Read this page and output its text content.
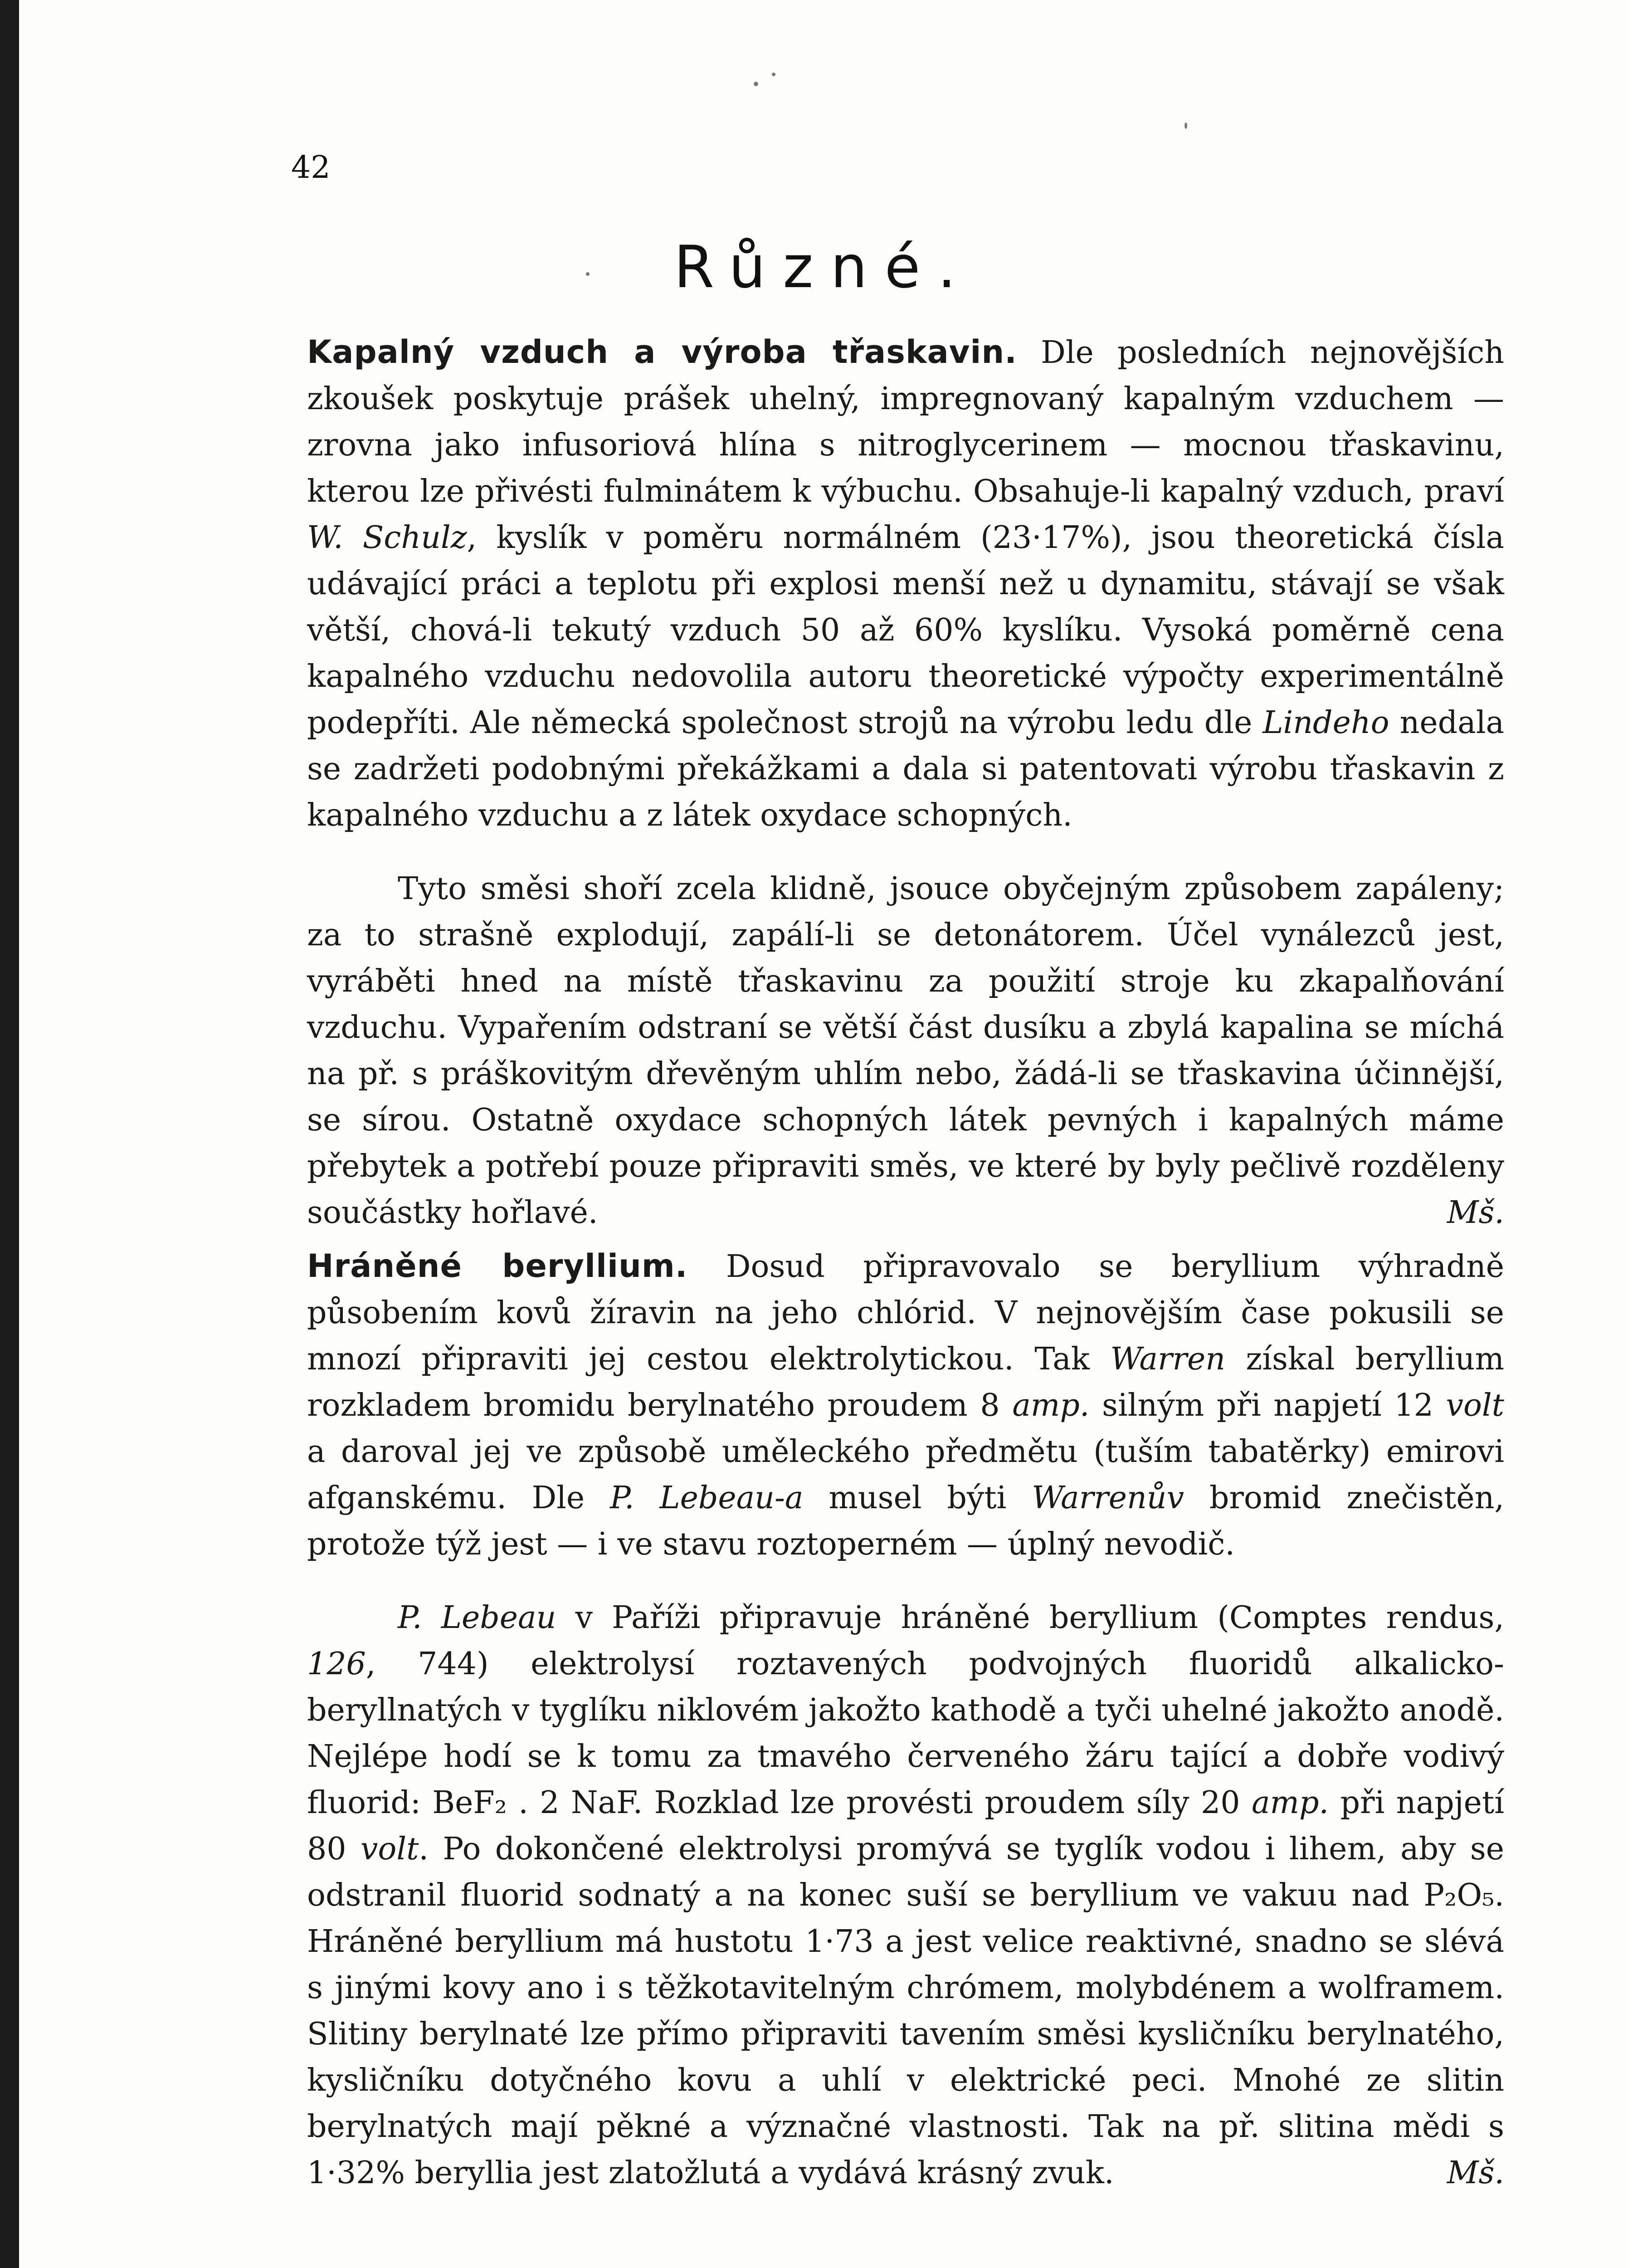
42
Různé.

Kapalný vzduch a výroba třaskavin. Dle posledních nejnovějších zkoušek poskytuje prášek uhelný, impregnovaný kapalným vzduchem — zrovna jako infusoriová hlína s nitroglycerinem — mocnou třaskavinu, kterou lze přivésti fulminátem k výbuchu. Obsahuje-li kapalný vzduch, praví W. Schulz, kyslík v poměru normálném (23·17%), jsou theoretická čísla udávající práci a teplotu při explosi menší než u dynamitu, stávají se však větší, chová-li tekutý vzduch 50 až 60% kyslíku. Vysoká poměrně cena kapalného vzduchu nedovolila autoru theoretické výpočty experimentálně podepříti. Ale německá společnost strojů na výrobu ledu dle Lindeho nedala se zadržeti podobnými překážkami a dala si patentovati výrobu třaskavin z kapalného vzduchu a z látek oxydace schopných.

Tyto směsi shoří zcela klidně, jsouce obyčejným způsobem zapáleny; za to strašně explodují, zapálí-li se detonátorem. Účel vynálezců jest, vyráběti hned na místě třaskavinu za použití stroje ku zkapalňování vzduchu. Vypařením odstraní se větší část dusíku a zbylá kapalina se míchá na př. s práškovitým dřevěným uhlím nebo, žádá-li se třaskavina účinnější, se sírou. Ostatně oxydace schopných látek pevných i kapalných máme přebytek a potřebí pouze připraviti směs, ve které by byly pečlivě rozděleny součástky hořlavé.	Mš.

Hráněné beryllium. Dosud připravovalo se beryllium výhradně působením kovů žíravin na jeho chlórid. V nejnovějším čase pokusili se mnozí připraviti jej cestou elektrolytickou. Tak Warren získal beryllium rozkladem bromidu berylnatého proudem 8 amp. silným při napjetí 12 volt a daroval jej ve způsobě uměleckého předmětu (tuším tabatěrky) emirovi afganskému. Dle P. Lebeau-a musel býti Warrenův bromid znečistěn, protože týž jest — i ve stavu roztoperném — úplný nevodič.

P. Lebeau v Paříži připravuje hráněné beryllium (Comptes rendus, 126, 744) elektrolysí roztavených podvojných fluoridů alkalicko-beryllnatých v tyglíku niklovém jakožto kathodě a tyči uhelné jakožto anodě. Nejlépe hodí se k tomu za tmavého červeného žáru tající a dobře vodivý fluorid: BeF₂ . 2 NaF. Rozklad lze provésti proudem síly 20 amp. při napjetí 80 volt. Po dokončené elektrolysi promývá se tyglík vodou i lihem, aby se odstranil fluorid sodnatý a na konec suší se beryllium ve vakuu nad P₂O₅. Hráněné beryllium má hustotu 1·73 a jest velice reaktivné, snadno se slévá s jinými kovy ano i s těžkotavitelným chrómem, molybdénem a wolframem. Slitiny berylnaté lze přímo připraviti tavením směsi kysličníku berylnatého, kysličníku dotyčného kovu a uhlí v elektrické peci. Mnohé ze slitin berylnatých mají pěkné a význačné vlastnosti. Tak na př. slitina mědi s 1·32% beryllia jest zlatožlutá a vydává krásný zvuk.	Mš.
